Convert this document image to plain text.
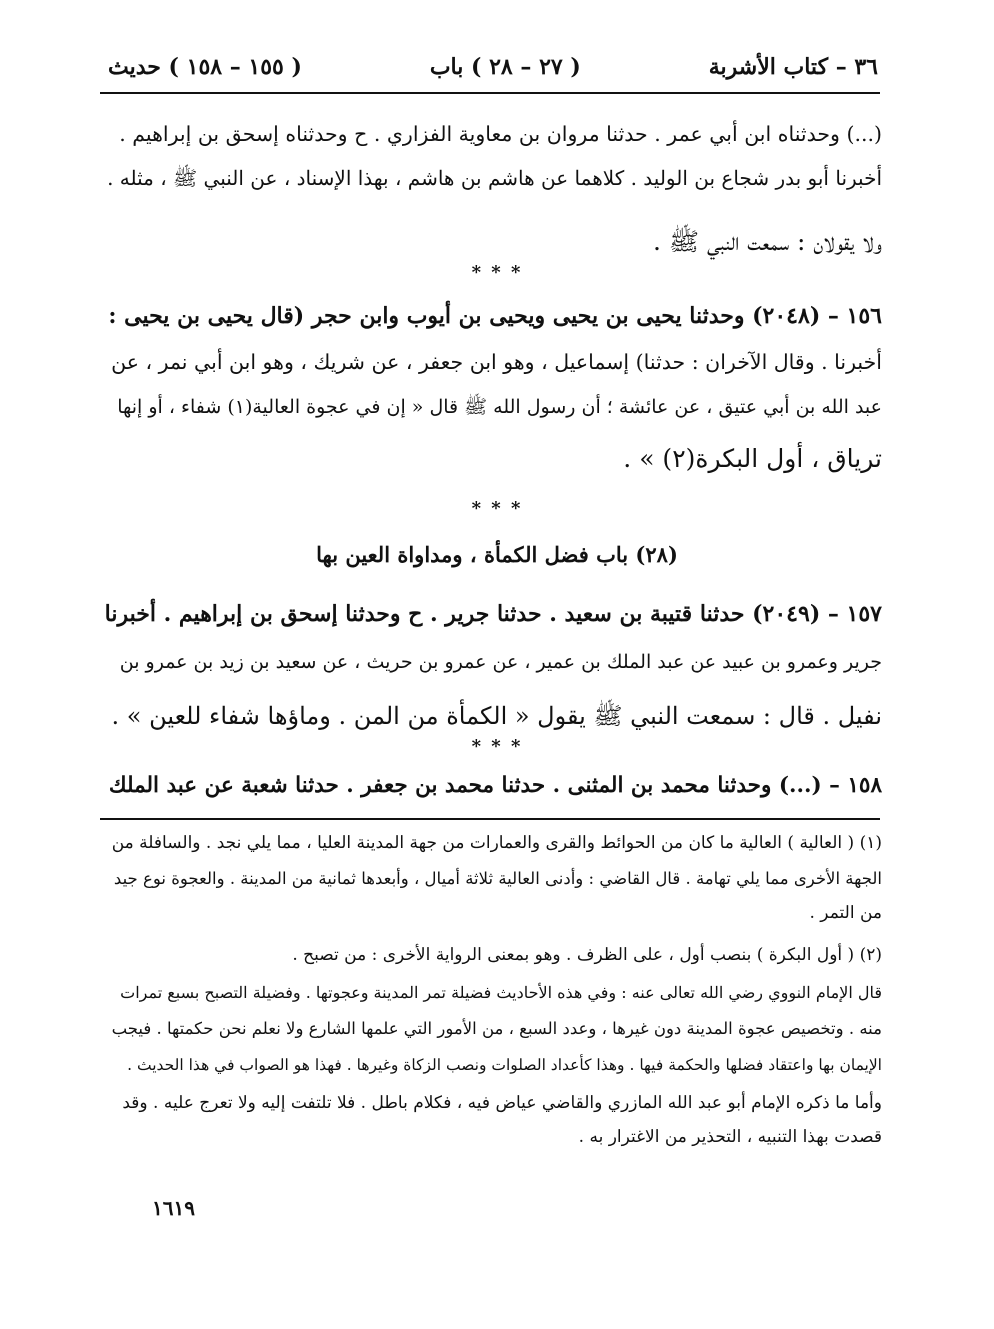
٣٦ – كتاب الأشربة
( ٢٧ – ٢٨ ) باب
( ١٥٥ – ١٥٨ ) حديث
(...) وحدثناه ابن أبي عمر . حدثنا مروان بن معاوية الفزاري . ح وحدثناه إسحق بن إبراهيم .
أخبرنا أبو بدر شجاع بن الوليد . كلاهما عن هاشم بن هاشم ، بهذا الإسناد ، عن النبي ﷺ ، مثله .
ولا يقولان : سمعت النبي ﷺ .
* * *
١٥٦ – (٢٠٤٨) وحدثنا يحيى بن يحيى ويحيى بن أيوب وابن حجر (قال يحيى بن يحيى :
أخبرنا . وقال الآخران : حدثنا) إسماعيل ، وهو ابن جعفر ، عن شريك ، وهو ابن أبي نمر ، عن
عبد الله بن أبي عتيق ، عن عائشة ؛ أن رسول الله ﷺ قال « إن في عجوة العالية(١) شفاء ، أو إنها
ترياق ، أول البكرة(٢) » .
* * *
(٢٨) باب فضل الكمأة ، ومداواة العين بها
١٥٧ – (٢٠٤٩) حدثنا قتيبة بن سعيد . حدثنا جرير . ح وحدثنا إسحق بن إبراهيم . أخبرنا
جرير وعمرو بن عبيد عن عبد الملك بن عمير ، عن عمرو بن حريث ، عن سعيد بن زيد بن عمرو بن
نفيل . قال : سمعت النبي ﷺ يقول « الكمأة من المن . وماؤها شفاء للعين » .
* * *
١٥٨ – (...) وحدثنا محمد بن المثنى . حدثنا محمد بن جعفر . حدثنا شعبة عن عبد الملك
(١) ( العالية ) العالية ما كان من الحوائط والقرى والعمارات من جهة المدينة العليا ، مما يلي نجد . والسافلة من
الجهة الأخرى مما يلي تهامة . قال القاضي : وأدنى العالية ثلاثة أميال ، وأبعدها ثمانية من المدينة . والعجوة نوع جيد
من التمر .
(٢) ( أول البكرة ) بنصب أول ، على الظرف . وهو بمعنى الرواية الأخرى : من تصبح .
قال الإمام النووي رضي الله تعالى عنه : وفي هذه الأحاديث فضيلة تمر المدينة وعجوتها . وفضيلة التصبح بسبع تمرات
منه . وتخصيص عجوة المدينة دون غيرها ، وعدد السبع ، من الأمور التي علمها الشارع ولا نعلم نحن حكمتها . فيجب
الإيمان بها واعتقاد فضلها والحكمة فيها . وهذا كأعداد الصلوات ونصب الزكاة وغيرها . فهذا هو الصواب في هذا الحديث .
وأما ما ذكره الإمام أبو عبد الله المازري والقاضي عياض فيه ، فكلام باطل . فلا تلتفت إليه ولا تعرج عليه . وقد
قصدت بهذا التنبيه ، التحذير من الاغترار به .
١٦١٩
